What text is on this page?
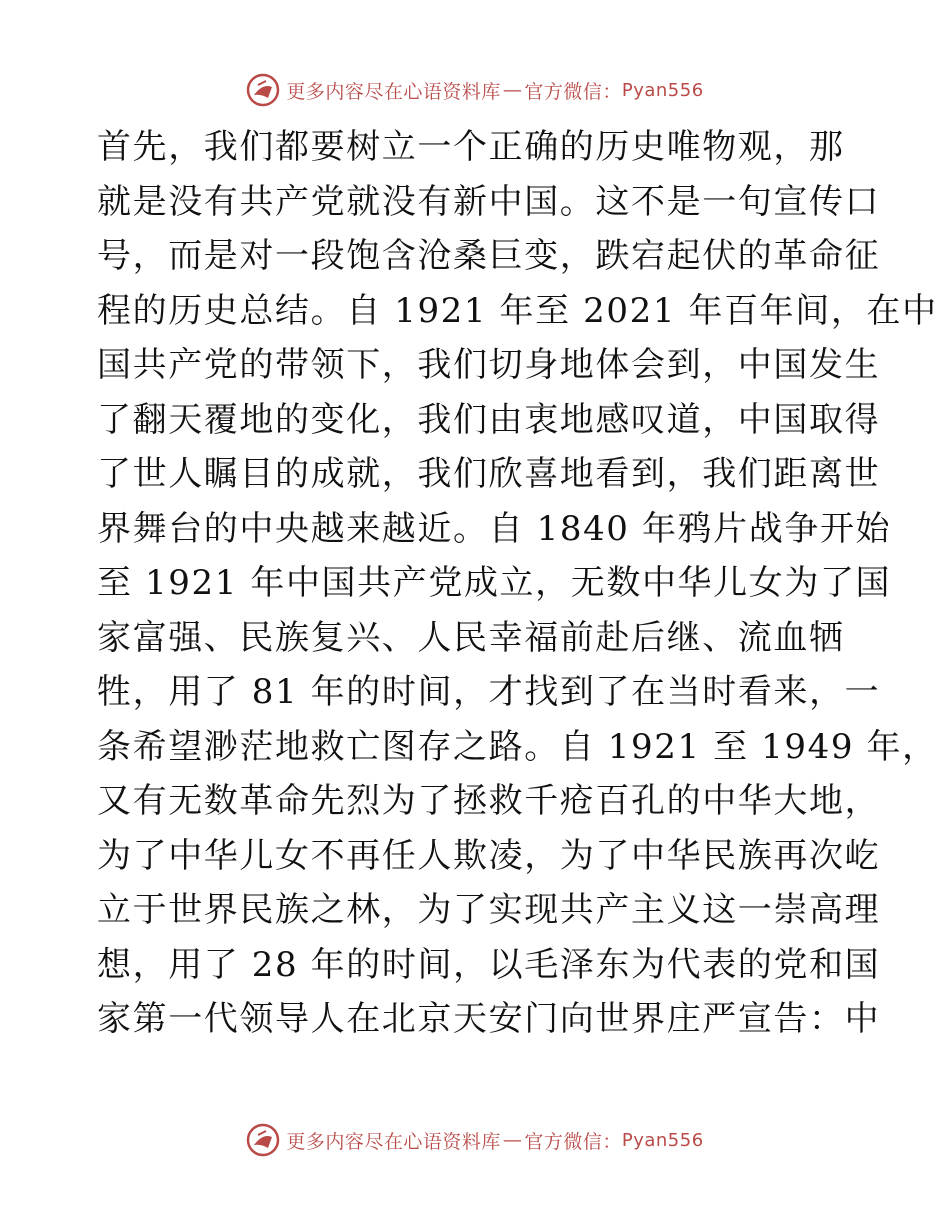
更多内容尽在心语资料库 — 官方微信： Pyan556
首先，我们都要树立一个正确的历史唯物观，那
就是没有共产党就没有新中国。这不是一句宣传口
号，而是对一段饱含沧桑巨变，跌宕起伏的革命征
程的历史总结。自 1921 年至 2021 年百年间，在中
国共产党的带领下，我们切身地体会到，中国发生
了翻天覆地的变化，我们由衷地感叹道，中国取得
了世人瞩目的成就，我们欣喜地看到，我们距离世
界舞台的中央越来越近。自 1840 年鸦片战争开始
至 1921 年中国共产党成立，无数中华儿女为了国
家富强、民族复兴、人民幸福前赴后继、流血牺
牲，用了 81 年的时间，才找到了在当时看来，一
条希望渺茫地救亡图存之路。自 1921 至 1949 年，
又有无数革命先烈为了拯救千疮百孔的中华大地，
为了中华儿女不再任人欺凌，为了中华民族再次屹
立于世界民族之林，为了实现共产主义这一崇高理
想，用了 28 年的时间，以毛泽东为代表的党和国
家第一代领导人在北京天安门向世界庄严宣告：中
更多内容尽在心语资料库 — 官方微信： Pyan556
